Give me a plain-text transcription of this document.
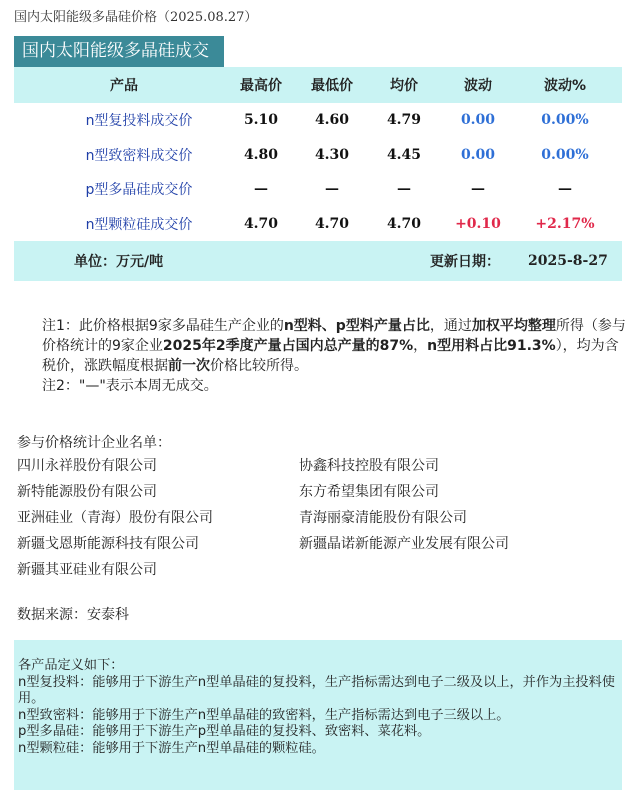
国内太阳能级多晶硅价格（2025.08.27）
国内太阳能级多晶硅成交
产品	最高价	最低价	均价	波动	波动%
n型复投料成交价	5.10	4.60	4.79	0.00	0.00%
n型致密料成交价	4.80	4.30	4.45	0.00	0.00%
p型多晶硅成交价	—	—	—	—	—
n型颗粒硅成交价	4.70	4.70	4.70	+0.10	+2.17%
单位：万元/吨	更新日期： 2025-8-27

注1：此价格根据9家多晶硅生产企业的n型料、p型料产量占比，通过加权平均整理所得（参与价格统计的9家企业2025年2季度产量占国内总产量的87%，n型用料占比91.3%），均为含税价，涨跌幅度根据前一次价格比较所得。

注2："—"表示本周无成交。

参与价格统计企业名单：
四川永祥股份有限公司	协鑫科技控股有限公司
新特能源股份有限公司	东方希望集团有限公司
亚洲硅业（青海）股份有限公司	青海丽豪清能股份有限公司
新疆戈恩斯能源科技有限公司	新疆晶诺新能源产业发展有限公司
新疆其亚硅业有限公司
数据来源：安泰科

各产品定义如下：

n型复投料：能够用于下游生产n型单晶硅的复投料，生产指标需达到电子二级及以上，并作为主投料使用。

n型致密料：能够用于下游生产n型单晶硅的致密料，生产指标需达到电子三级以上。

p型多晶硅：能够用于下游生产p型单晶硅的复投料、致密料、菜花料。

n型颗粒硅：能够用于下游生产n型单晶硅的颗粒硅。
